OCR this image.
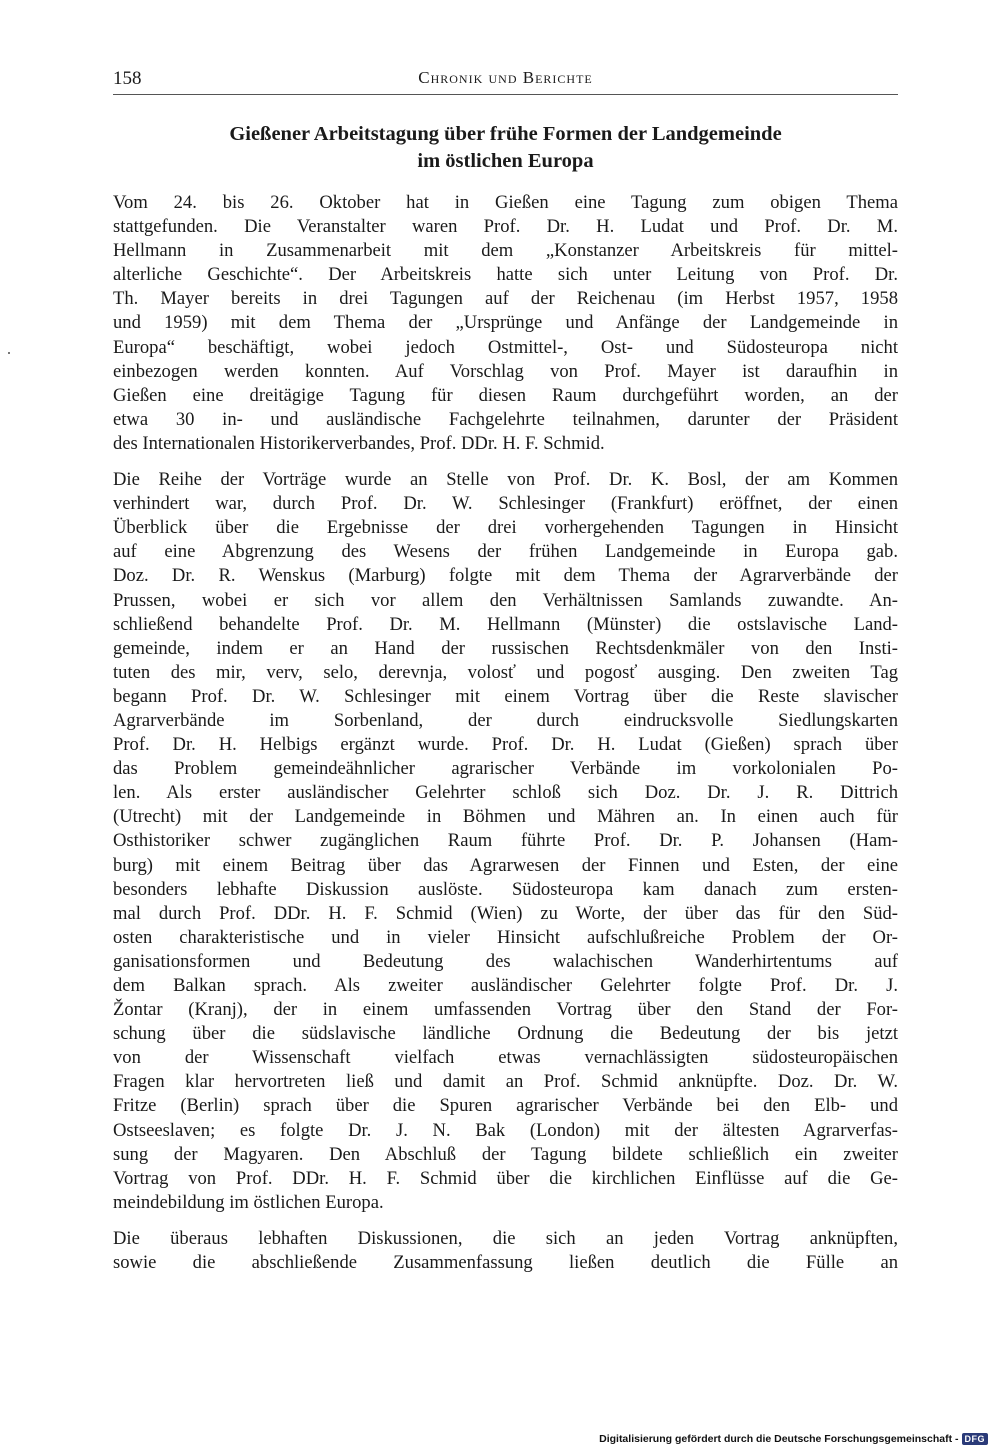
158	Chronik und Berichte
Gießener Arbeitstagung über frühe Formen der Landgemeinde
im östlichen Europa
Vom 24. bis 26. Oktober hat in Gießen eine Tagung zum obigen Thema
stattgefunden. Die Veranstalter waren Prof. Dr. H. Ludat und Prof. Dr. M.
Hellmann in Zusammenarbeit mit dem „Konstanzer Arbeitskreis für mittel-
alterliche Geschichte“. Der Arbeitskreis hatte sich unter Leitung von Prof. Dr.
Th. Mayer bereits in drei Tagungen auf der Reichenau (im Herbst 1957, 1958
und 1959) mit dem Thema der „Ursprünge und Anfänge der Landgemeinde in
Europa“ beschäftigt, wobei jedoch Ostmittel-, Ost- und Südosteuropa nicht
einbezogen werden konnten. Auf Vorschlag von Prof. Mayer ist daraufhin in
Gießen eine dreitägige Tagung für diesen Raum durchgeführt worden, an der
etwa 30 in- und ausländische Fachgelehrte teilnahmen, darunter der Präsident
des Internationalen Historikerverbandes, Prof. DDr. H. F. Schmid.
Die Reihe der Vorträge wurde an Stelle von Prof. Dr. K. Bosl, der am Kommen
verhindert war, durch Prof. Dr. W. Schlesinger (Frankfurt) eröffnet, der einen
Überblick über die Ergebnisse der drei vorhergehenden Tagungen in Hinsicht
auf eine Abgrenzung des Wesens der frühen Landgemeinde in Europa gab.
Doz. Dr. R. Wenskus (Marburg) folgte mit dem Thema der Agrarverbände der
Prussen, wobei er sich vor allem den Verhältnissen Samlands zuwandte. An-
schließend behandelte Prof. Dr. M. Hellmann (Münster) die ostslavische Land-
gemeinde, indem er an Hand der russischen Rechtsdenkmäler von den Insti-
tuten des mir, verv, selo, derevnja, volosť und pogosť ausging. Den zweiten Tag
begann Prof. Dr. W. Schlesinger mit einem Vortrag über die Reste slavischer
Agrarverbände im Sorbenland, der durch eindrucksvolle Siedlungskarten
Prof. Dr. H. Helbigs ergänzt wurde. Prof. Dr. H. Ludat (Gießen) sprach über
das Problem gemeindeähnlicher agrarischer Verbände im vorkolonialen Po-
len. Als erster ausländischer Gelehrter schloß sich Doz. Dr. J. R. Dittrich
(Utrecht) mit der Landgemeinde in Böhmen und Mähren an. In einen auch für
Osthistoriker schwer zugänglichen Raum führte Prof. Dr. P. Johansen (Ham-
burg) mit einem Beitrag über das Agrarwesen der Finnen und Esten, der eine
besonders lebhafte Diskussion auslöste. Südosteuropa kam danach zum ersten-
mal durch Prof. DDr. H. F. Schmid (Wien) zu Worte, der über das für den Süd-
osten charakteristische und in vieler Hinsicht aufschlußreiche Problem der Or-
ganisationsformen und Bedeutung des walachischen Wanderhirtentums auf
dem Balkan sprach. Als zweiter ausländischer Gelehrter folgte Prof. Dr. J.
Žontar (Kranj), der in einem umfassenden Vortrag über den Stand der For-
schung über die südslavische ländliche Ordnung die Bedeutung der bis jetzt
von der Wissenschaft vielfach etwas vernachlässigten südosteuropäischen
Fragen klar hervortreten ließ und damit an Prof. Schmid anknüpfte. Doz. Dr. W.
Fritze (Berlin) sprach über die Spuren agrarischer Verbände bei den Elb- und
Ostseeslaven; es folgte Dr. J. N. Bak (London) mit der ältesten Agrarverfas-
sung der Magyaren. Den Abschluß der Tagung bildete schließlich ein zweiter
Vortrag von Prof. DDr. H. F. Schmid über die kirchlichen Einflüsse auf die Ge-
meindebildung im östlichen Europa.
Die überaus lebhaften Diskussionen, die sich an jeden Vortrag anknüpften,
sowie die abschließende Zusammenfassung ließen deutlich die Fülle an
Digitalisierung gefördert durch die Deutsche Forschungsgemeinschaft - DFG
